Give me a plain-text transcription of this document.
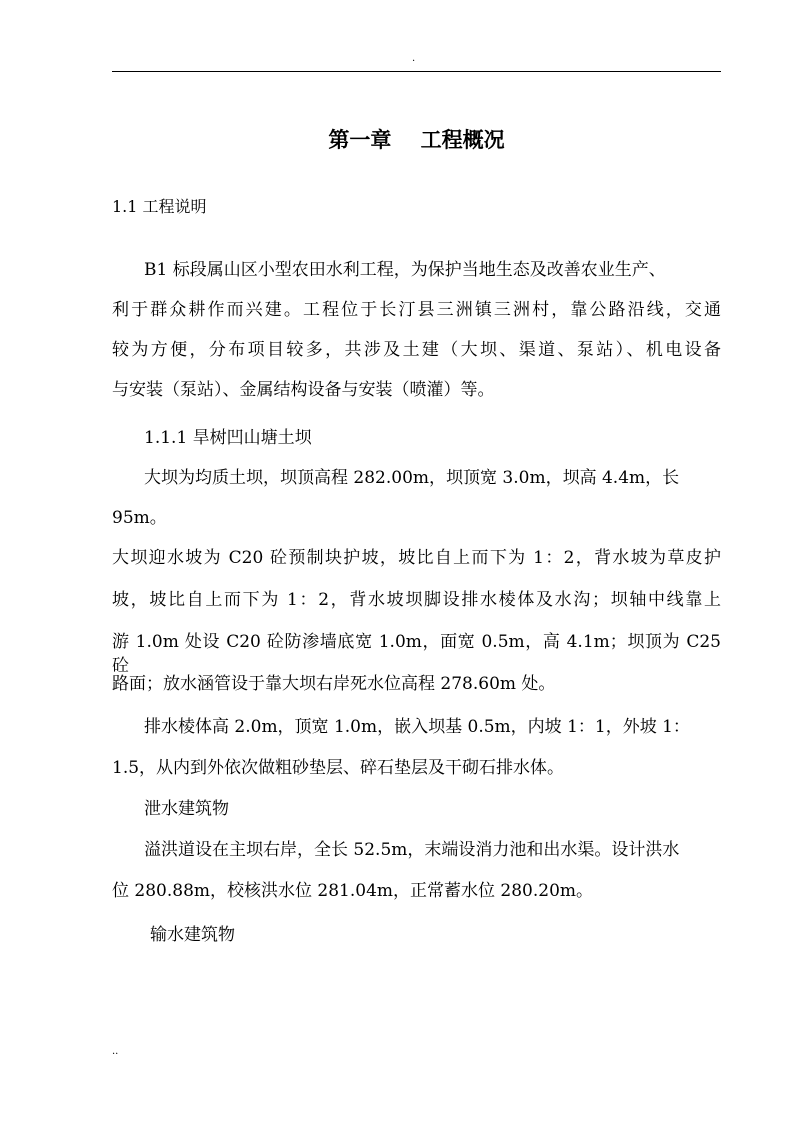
.
第一章    工程概况
1.1 工程说明
B1 标段属山区小型农田水利工程，为保护当地生态及改善农业生产、
利于群众耕作而兴建。工程位于长汀县三洲镇三洲村，靠公路沿线，交通
较为方便，分布项目较多，共涉及土建（大坝、渠道、泵站）、机电设备
与安装（泵站）、金属结构设备与安装（喷灌）等。
1.1.1 旱树凹山塘土坝
大坝为均质土坝，坝顶高程 282.00m，坝顶宽 3.0m，坝高 4.4m，长
95m。
大坝迎水坡为 C20 砼预制块护坡，坡比自上而下为 1：2，背水坡为草皮护
坡，坡比自上而下为 1：2，背水坡坝脚设排水棱体及水沟；坝轴中线靠上
游 1.0m 处设 C20 砼防渗墙底宽 1.0m，面宽 0.5m，高 4.1m；坝顶为 C25 砼
路面；放水涵管设于靠大坝右岸死水位高程 278.60m 处。
排水棱体高 2.0m，顶宽 1.0m，嵌入坝基 0.5m，内坡 1：1，外坡 1：
1.5，从内到外依次做粗砂垫层、碎石垫层及干砌石排水体。
泄水建筑物
溢洪道设在主坝右岸，全长 52.5m，末端设消力池和出水渠。设计洪水
位 280.88m，校核洪水位 281.04m，正常蓄水位 280.20m。
输水建筑物
..
